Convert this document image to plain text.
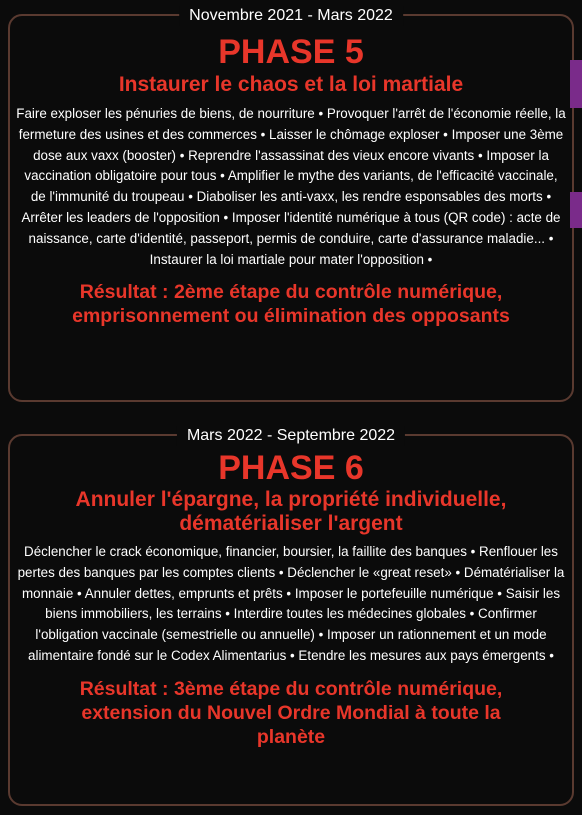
Novembre 2021 - Mars 2022
PHASE 5
Instaurer le chaos et la loi martiale
Faire exploser les pénuries de biens, de nourriture • Provoquer l'arrêt de l'économie réelle, la fermeture des usines et des commerces • Laisser le chômage exploser • Imposer une 3ème dose aux vaxx (booster) • Reprendre l'assassinat des vieux encore vivants • Imposer la vaccination obligatoire pour tous • Amplifier le mythe des variants, de l'efficacité vaccinale, de l'immunité du troupeau • Diaboliser les anti-vaxx, les rendre esponsables des morts • Arrêter les leaders de l'opposition • Imposer l'identité numérique à tous (QR code) : acte de naissance, carte d'identité, passeport, permis de conduire, carte d'assurance maladie... • Instaurer la loi martiale pour mater l'opposition •
Résultat : 2ème étape du contrôle numérique, emprisonnement ou élimination des opposants
Mars 2022 - Septembre 2022
PHASE 6
Annuler l'épargne, la propriété individuelle, dématérialiser l'argent
Déclencher le crack économique, financier, boursier, la faillite des banques • Renflouer les pertes des banques par les comptes clients • Déclencher le «great reset» • Dématérialiser la monnaie • Annuler dettes, emprunts et prêts • Imposer le portefeuille numérique • Saisir les biens immobiliers, les terrains • Interdire toutes les médecines globales • Confirmer l'obligation vaccinale (semestrielle ou annuelle) • Imposer un rationnement et un mode alimentaire fondé sur le Codex Alimentarius • Etendre les mesures aux pays émergents •
Résultat : 3ème étape du contrôle numérique, extension du Nouvel Ordre Mondial à toute la planète
